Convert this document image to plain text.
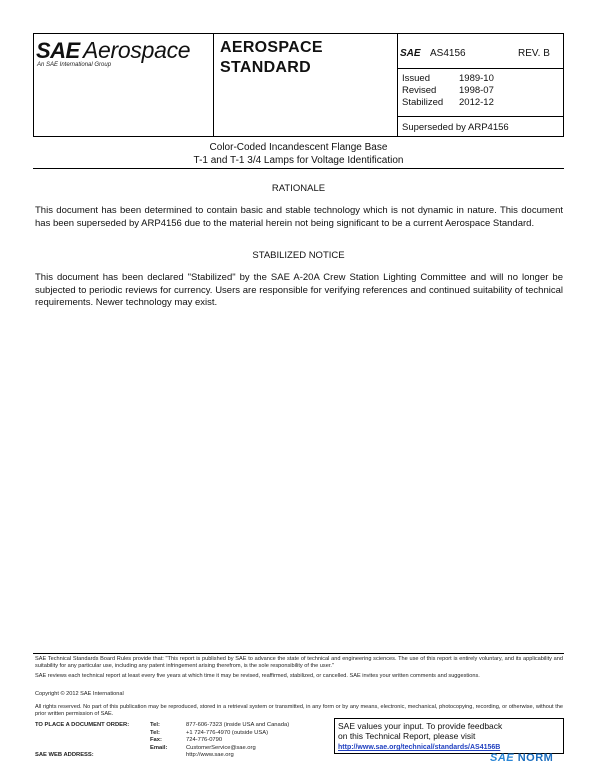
SAE Aerospace
An SAE International Group
AEROSPACE
STANDARD
SAE AS4156	REV. B
Issued	1989-10
Revised 1998-07
Stabilized 2012-12
Superseded by ARP4156
Color-Coded Incandescent Flange Base
T-1 and T-1 3/4 Lamps for Voltage Identification
RATIONALE
This document has been determined to contain basic and stable technology which is not dynamic in nature. This document has been superseded by ARP4156 due to the material herein not being significant to be a current Aerospace Standard.
STABILIZED NOTICE
This document has been declared "Stabilized" by the SAE A-20A Crew Station Lighting Committee and will no longer be subjected to periodic reviews for currency. Users are responsible for verifying references and continued suitability of technical requirements. Newer technology may exist.
SAE Technical Standards Board Rules provide that: "This report is published by SAE to advance the state of technical and engineering sciences. The use of this report is entirely voluntary, and its applicability and suitability for any particular use, including any patent infringement arising therefrom, is the sole responsibility of the user."
SAE reviews each technical report at least every five years at which time it may be revised, reaffirmed, stabilized, or cancelled. SAE invites your written comments and suggestions.
Copyright © 2012 SAE International
All rights reserved. No part of this publication may be reproduced, stored in a retrieval system or transmitted, in any form or by any means, electronic, mechanical, photocopying, recording, or otherwise, without the prior written permission of SAE.
TO PLACE A DOCUMENT ORDER:	Tel:	877-606-7323 (inside USA and Canada)
Tel:	+1 724-776-4970 (outside USA)
Fax:	724-776-0790
Email:	CustomerService@sae.org
SAE WEB ADDRESS:	http://www.sae.org
SAE values your input. To provide feedback
on this Technical Report, please visit
http://www.sae.org/technical/standards/AS4156B
SAE NORM
